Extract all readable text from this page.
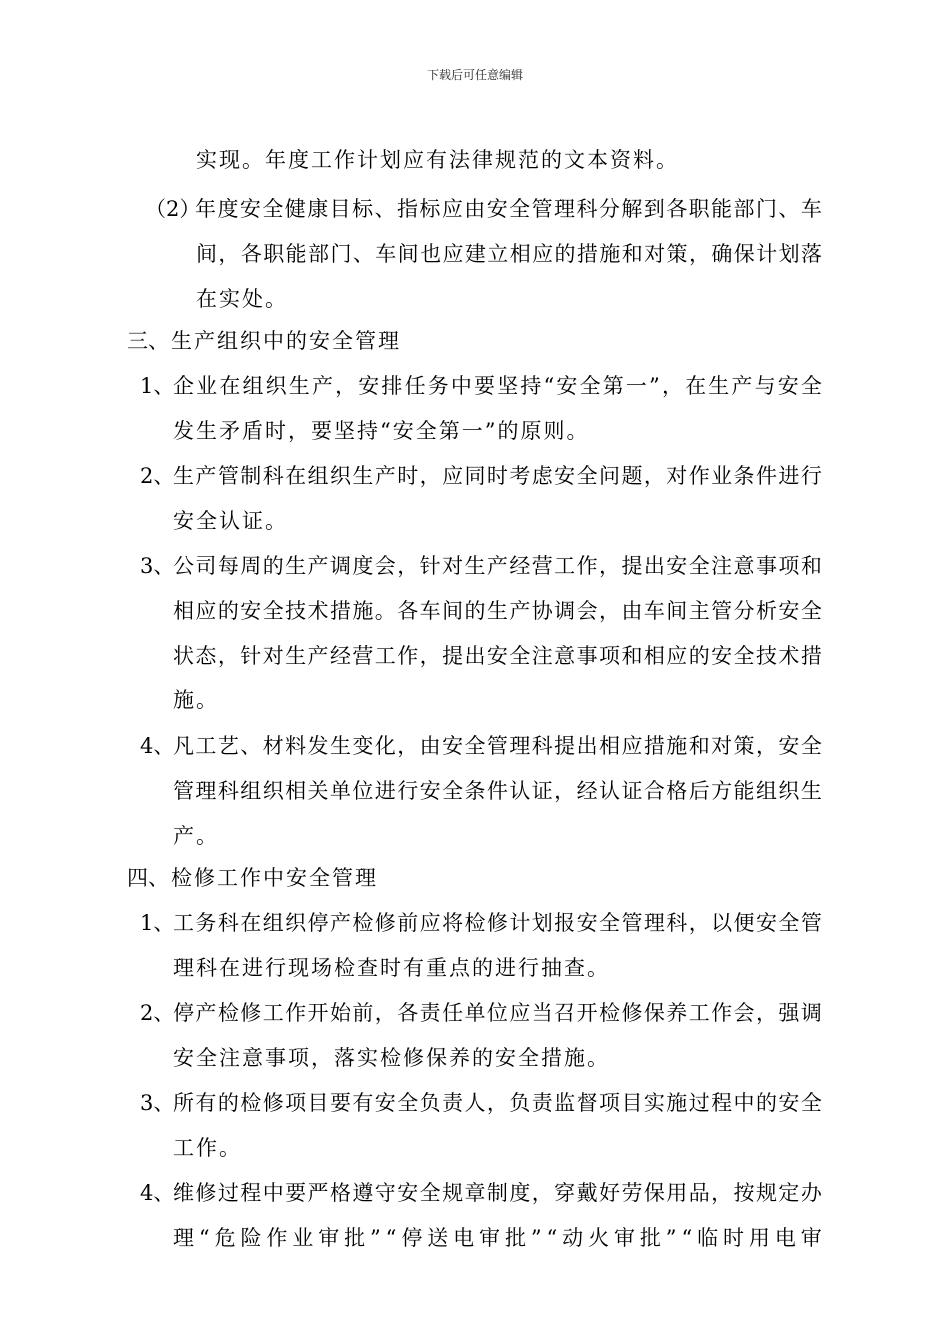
下载后可任意编辑
实现。年度工作计划应有法律规范的文本资料。
（2）
年 度 安 全 健 康 目 标 、 指 标 应 由 安 全 管 理 科 分 解 到 各 职 能 部 门 、 车
间 ， 各 职 能 部 门 、 车 间 也 应 建 立 相 应 的 措 施 和 对 策 ， 确 保 计 划 落
在实处。
三、生产组织中的安全管理
1、
企 业 在 组 织 生 产 ， 安 排 任 务 中 要 坚 持 “ 安 全 第 一 ” ， 在 生 产 与 安 全
发生矛盾时，要坚持“安全第一”的原则。
2、
生 产 管 制 科 在 组 织 生 产 时 ， 应 同 时 考 虑 安 全 问 题 ， 对 作 业 条 件 进 行
安全认证。
3、
公 司 每 周 的 生 产 调 度 会 ， 针 对 生 产 经 营 工 作 ， 提 出 安 全 注 意 事 项 和
相 应 的 安 全 技 术 措 施 。 各 车 间 的 生 产 协 调 会 ， 由 车 间 主 管 分 析 安 全
状 态 ， 针 对 生 产 经 营 工 作 ， 提 出 安 全 注 意 事 项 和 相 应 的 安 全 技 术 措
施。
4、
凡 工 艺 、 材 料 发 生 变 化 ， 由 安 全 管 理 科 提 出 相 应 措 施 和 对 策 ， 安 全
管 理 科 组 织 相 关 单 位 进 行 安 全 条 件 认 证 ， 经 认 证 合 格 后 方 能 组 织 生
产。
四、检修工作中安全管理
1、
工 务 科 在 组 织 停 产 检 修 前 应 将 检 修 计 划 报 安 全 管 理 科 ， 以 便 安 全 管
理科在进行现场检查时有重点的进行抽查。
2、
停 产 检 修 工 作 开 始 前 ， 各 责 任 单 位 应 当 召 开 检 修 保 养 工 作 会 ， 强 调
安全注意事项，落实检修保养的安全措施。
3、
所 有 的 检 修 项 目 要 有 安 全 负 责 人 ， 负 责 监 督 项 目 实 施 过 程 中 的 安 全
工作。
4、
维 修 过 程 中 要 严 格 遵 守 安 全 规 章 制 度 ， 穿 戴 好 劳 保 用 品 ， 按 规 定 办
理 “ 危 险 作 业 审 批 ” “ 停 送 电 审 批 ” “ 动 火 审 批 ” “ 临 时 用 电 审
